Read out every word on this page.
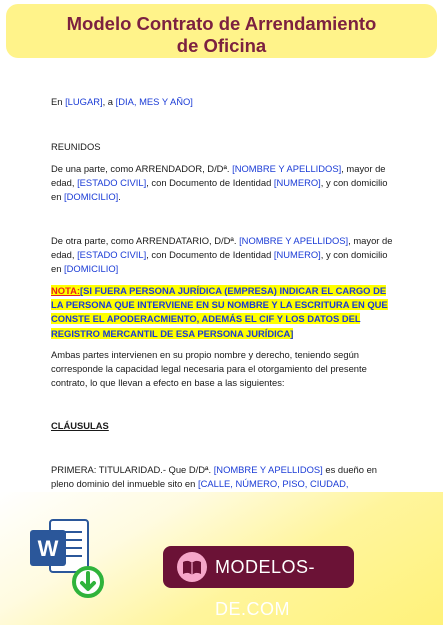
Modelo Contrato de Arrendamiento
de Oficina
En [LUGAR], a [DIA, MES Y AÑO]
REUNIDOS
De una parte, como ARRENDADOR, D/Dª. [NOMBRE Y APELLIDOS], mayor de edad, [ESTADO CIVIL], con Documento de Identidad [NUMERO], y con domicilio en [DOMICILIO].
De otra parte, como ARRENDATARIO, D/Dª. [NOMBRE Y APELLIDOS], mayor de edad, [ESTADO CIVIL], con Documento de Identidad [NUMERO], y con domicilio en [DOMICILIO]
NOTA:[SI FUERA PERSONA JURÍDICA (EMPRESA) INDICAR EL CARGO DE LA PERSONA QUE INTERVIENE EN SU NOMBRE Y LA ESCRITURA EN QUE CONSTE EL APODERACMIENTO, ADEMÁS EL CIF Y LOS DATOS DEL REGISTRO MERCANTIL DE ESA PERSONA JURÍDICA]
Ambas partes intervienen en su propio nombre y derecho, teniendo según corresponde la capacidad legal necesaria para el otorgamiento del presente contrato, lo que llevan a efecto en base a las siguientes:
CLÁUSULAS
PRIMERA: TITULARIDAD.- Que D/Dª. [NOMBRE Y APELLIDOS] es dueño en pleno dominio del inmueble sito en [CALLE, NÚMERO, PISO, CIUDAD,
W
MODELOS-DE.COM
